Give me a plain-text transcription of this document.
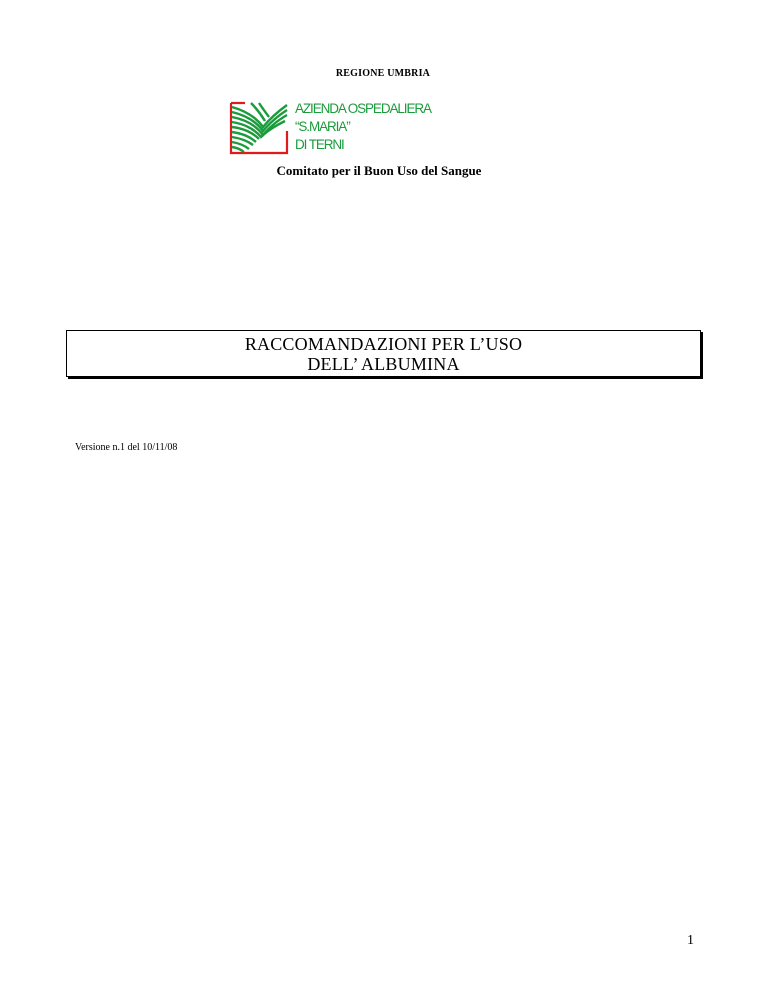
REGIONE UMBRIA
AZIENDA OSPEDALIERA
“S.MARIA”
DI TERNI
Comitato per il Buon Uso del Sangue
RACCOMANDAZIONI PER L’USO
DELL’ ALBUMINA
Versione n.1 del 10/11/08
1
